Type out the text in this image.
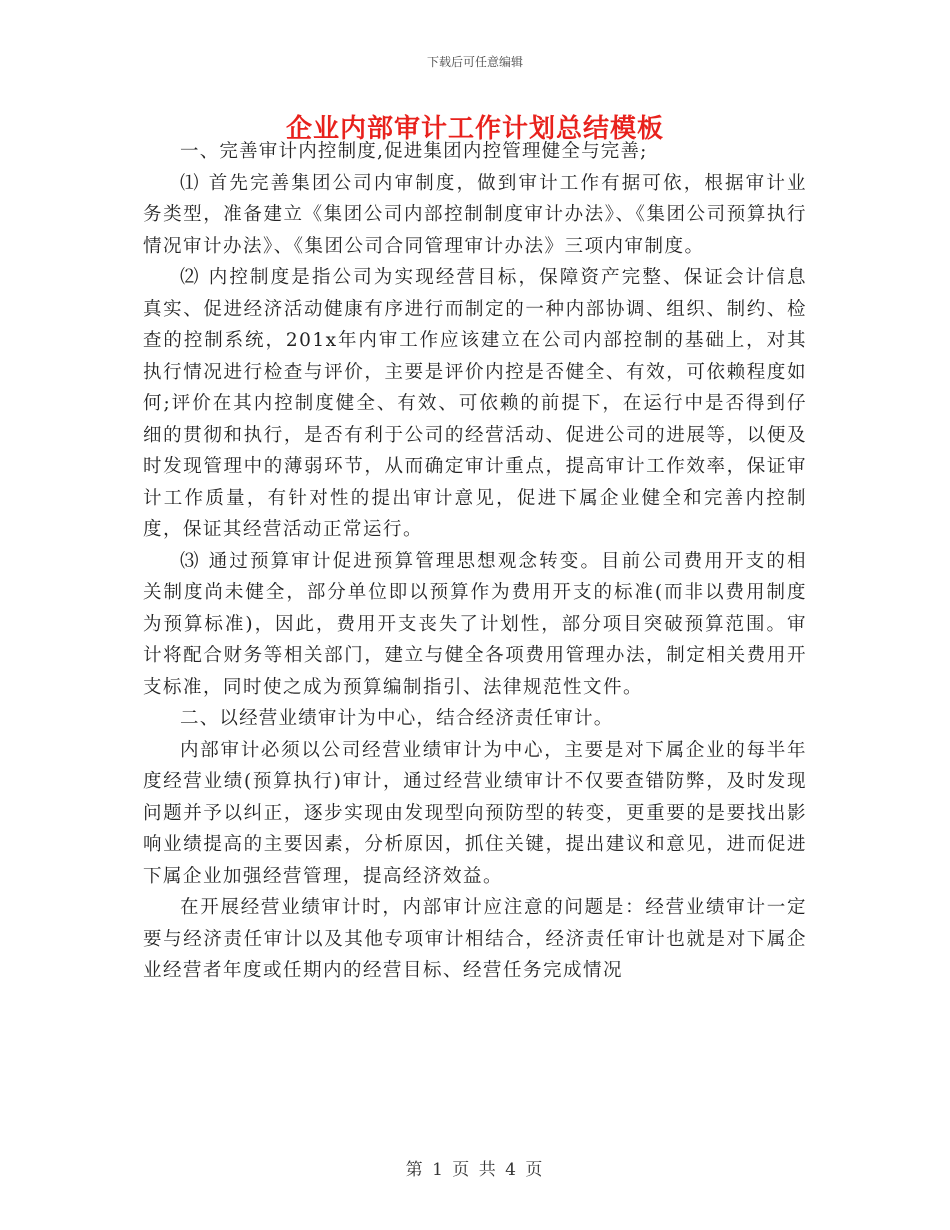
下载后可任意编辑
企业内部审计工作计划总结模板

一、完善审计内控制度,促进集团内控管理健全与完善;

⑴ 首先完善集团公司内审制度，做到审计工作有据可依，根据审计业务类型，准备建立《集团公司内部控制制度审计办法》、《集团公司预算执行情况审计办法》、《集团公司合同管理审计办法》三项内审制度。

⑵ 内控制度是指公司为实现经营目标，保障资产完整、保证会计信息真实、促进经济活动健康有序进行而制定的一种内部协调、组织、制约、检查的控制系统，201x年内审工作应该建立在公司内部控制的基础上，对其执行情况进行检查与评价，主要是评价内控是否健全、有效，可依赖程度如何;评价在其内控制度健全、有效、可依赖的前提下，在运行中是否得到仔细的贯彻和执行，是否有利于公司的经营活动、促进公司的进展等，以便及时发现管理中的薄弱环节，从而确定审计重点，提高审计工作效率，保证审计工作质量，有针对性的提出审计意见，促进下属企业健全和完善内控制度，保证其经营活动正常运行。

⑶ 通过预算审计促进预算管理思想观念转变。目前公司费用开支的相关制度尚未健全，部分单位即以预算作为费用开支的标准(而非以费用制度为预算标准)，因此，费用开支丧失了计划性，部分项目突破预算范围。审计将配合财务等相关部门，建立与健全各项费用管理办法，制定相关费用开支标准，同时使之成为预算编制指引、法律规范性文件。

二、以经营业绩审计为中心，结合经济责任审计。

内部审计必须以公司经营业绩审计为中心，主要是对下属企业的每半年度经营业绩(预算执行)审计，通过经营业绩审计不仅要查错防弊，及时发现问题并予以纠正，逐步实现由发现型向预防型的转变，更重要的是要找出影响业绩提高的主要因素，分析原因，抓住关键，提出建议和意见，进而促进下属企业加强经营管理，提高经济效益。

在开展经营业绩审计时，内部审计应注意的问题是：经营业绩审计一定要与经济责任审计以及其他专项审计相结合，经济责任审计也就是对下属企业经营者年度或任期内的经营目标、经营任务完成情况

第 1 页 共 4 页
